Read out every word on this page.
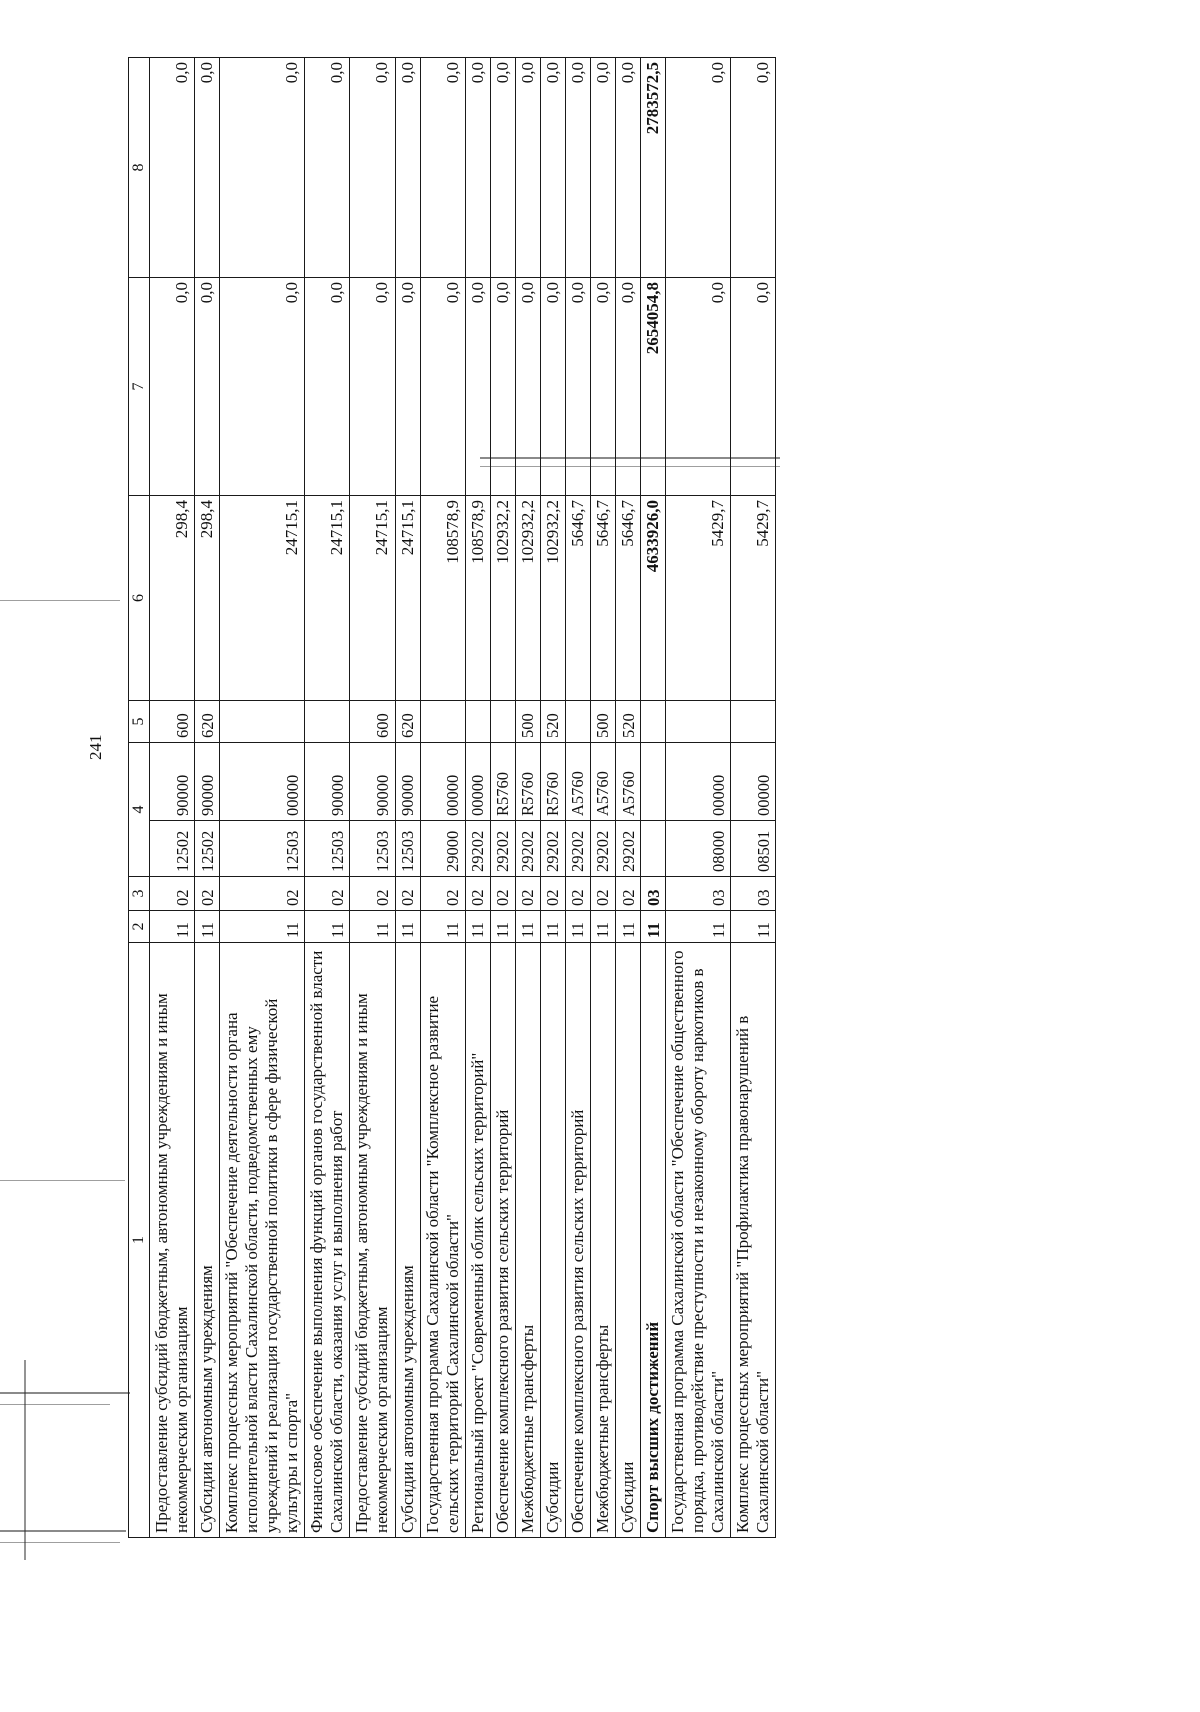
241
1	2	3	4		5	6	7	8
Предоставление субсидий бюджетным, автономным учреждениям и иным некоммерческим организациям	11	02	12502	90000	600	298,4	0,0	0,0
Субсидии автономным учреждениям	11	02	12502	90000	620	298,4	0,0	0,0
Комплекс процессных мероприятий "Обеспечение деятельности органа исполнительной власти Сахалинской области, подведомственных ему учреждений и реализация государственной политики в сфере физической культуры и спорта"	11	02	12503	00000		24715,1	0,0	0,0
Финансовое обеспечение выполнения функций органов государственной власти Сахалинской области, оказания услуг и выполнения работ	11	02	12503	90000		24715,1	0,0	0,0
Предоставление субсидий бюджетным, автономным учреждениям и иным некоммерческим организациям	11	02	12503	90000	600	24715,1	0,0	0,0
Субсидии автономным учреждениям	11	02	12503	90000	620	24715,1	0,0	0,0
Государственная программа Сахалинской области "Комплексное развитие сельских территорий Сахалинской области"	11	02	29000	00000		108578,9	0,0	0,0
Региональный проект "Современный облик сельских территорий"	11	02	29202	00000		108578,9	0,0	0,0
Обеспечение комплексного развития сельских территорий	11	02	29202	R5760		102932,2	0,0	0,0
Межбюджетные трансферты	11	02	29202	R5760	500	102932,2	0,0	0,0
Субсидии	11	02	29202	R5760	520	102932,2	0,0	0,0
Обеспечение комплексного развития сельских территорий	11	02	29202	A5760		5646,7	0,0	0,0
Межбюджетные трансферты	11	02	29202	A5760	500	5646,7	0,0	0,0
Субсидии	11	02	29202	A5760	520	5646,7	0,0	0,0
Спорт высших достижений	11	03				4633926,0	2654054,8	2783572,5
Государственная программа Сахалинской области "Обеспечение общественного порядка, противодействие преступности и незаконному обороту наркотиков в Сахалинской области"	11	03	08000	00000		5429,7	0,0	0,0
Комплекс процессных мероприятий "Профилактика правонарушений в Сахалинской области"	11	03	08501	00000		5429,7	0,0	0,0
